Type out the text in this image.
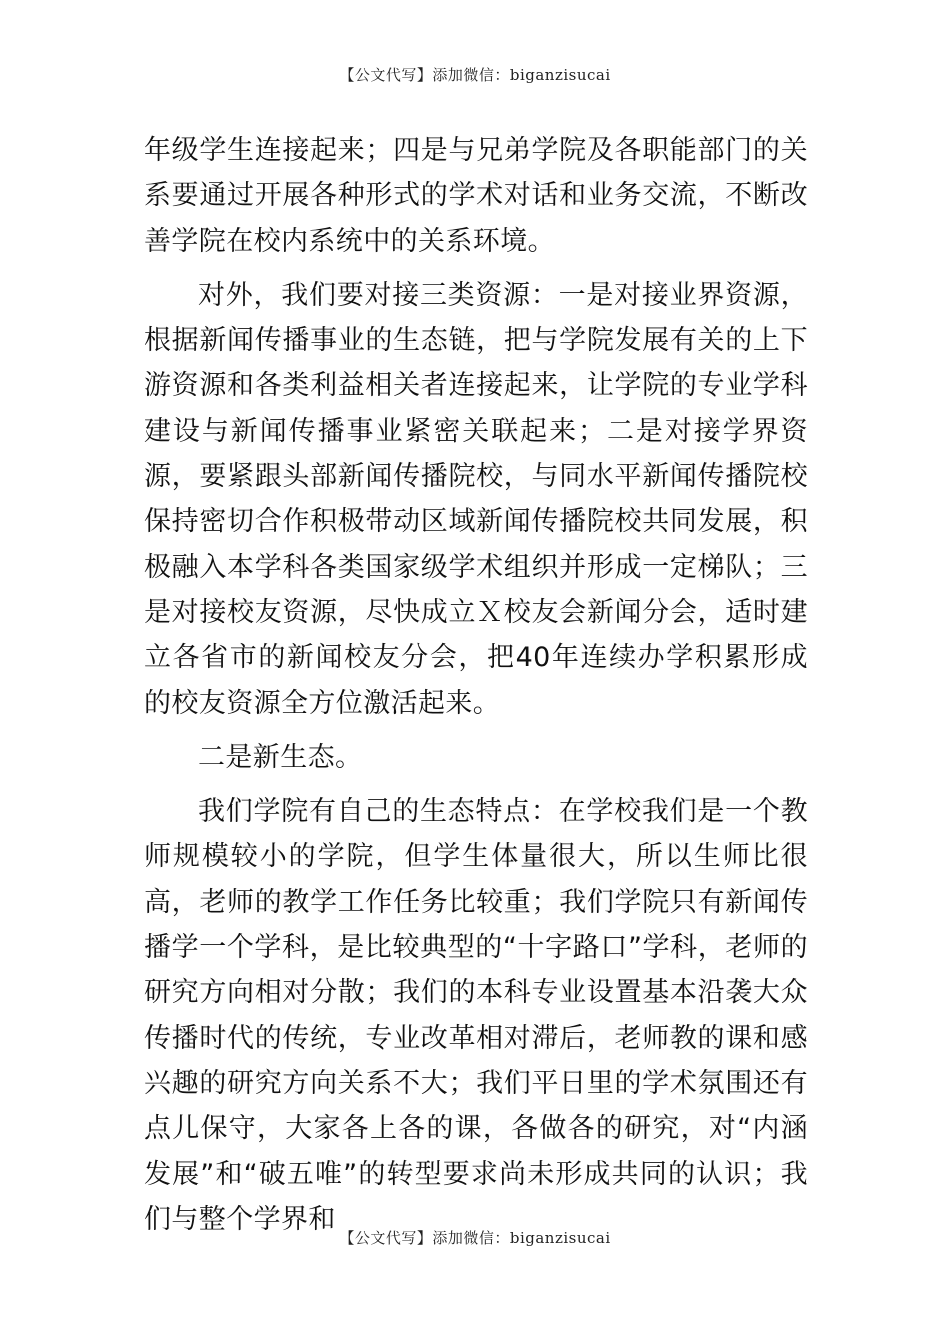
【公文代写】添加微信：biganzisucai

年级学生连接起来；四是与兄弟学院及各职能部门的关系要通过开展各种形式的学术对话和业务交流，不断改善学院在校内系统中的关系环境。

对外，我们要对接三类资源：一是对接业界资源，根据新闻传播事业的生态链，把与学院发展有关的上下游资源和各类利益相关者连接起来，让学院的专业学科建设与新闻传播事业紧密关联起来；二是对接学界资源，要紧跟头部新闻传播院校，与同水平新闻传播院校保持密切合作积极带动区域新闻传播院校共同发展，积极融入本学科各类国家级学术组织并形成一定梯队；三是对接校友资源，尽快成立Ｘ校友会新闻分会，适时建立各省市的新闻校友分会，把40年连续办学积累形成的校友资源全方位激活起来。

二是新生态。

我们学院有自己的生态特点：在学校我们是一个教师规模较小的学院，但学生体量很大，所以生师比很高，老师的教学工作任务比较重；我们学院只有新闻传播学一个学科，是比较典型的“十字路口”学科，老师的研究方向相对分散；我们的本科专业设置基本沿袭大众传播时代的传统，专业改革相对滞后，老师教的课和感兴趣的研究方向关系不大；我们平日里的学术氛围还有点儿保守，大家各上各的课，各做各的研究，对“内涵发展”和“破五唯”的转型要求尚未形成共同的认识；我们与整个学界和

【公文代写】添加微信：biganzisucai
